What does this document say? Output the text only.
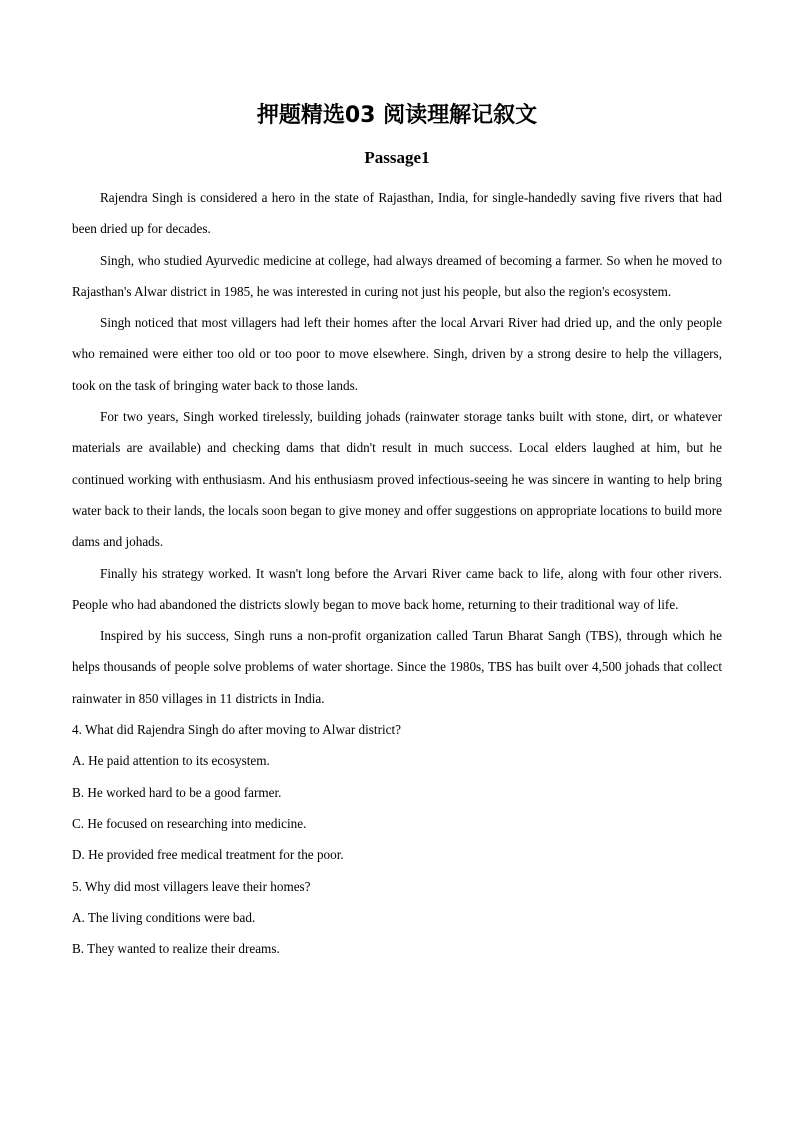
押题精选03 阅读理解记叙文
Passage1

Rajendra Singh is considered a hero in the state of Rajasthan, India, for single-handedly saving five rivers that had been dried up for decades.

Singh, who studied Ayurvedic medicine at college, had always dreamed of becoming a farmer. So when he moved to Rajasthan's Alwar district in 1985, he was interested in curing not just his people, but also the region's ecosystem.

Singh noticed that most villagers had left their homes after the local Arvari River had dried up, and the only people who remained were either too old or too poor to move elsewhere. Singh, driven by a strong desire to help the villagers, took on the task of bringing water back to those lands.

For two years, Singh worked tirelessly, building johads (rainwater storage tanks built with stone, dirt, or whatever materials are available) and checking dams that didn't result in much success. Local elders laughed at him, but he continued working with enthusiasm. And his enthusiasm proved infectious-seeing he was sincere in wanting to help bring water back to their lands, the locals soon began to give money and offer suggestions on appropriate locations to build more dams and johads.

Finally his strategy worked. It wasn't long before the Arvari River came back to life, along with four other rivers. People who had abandoned the districts slowly began to move back home, returning to their traditional way of life.

Inspired by his success, Singh runs a non-profit organization called Tarun Bharat Sangh (TBS), through which he helps thousands of people solve problems of water shortage. Since the 1980s, TBS has built over 4,500 johads that collect rainwater in 850 villages in 11 districts in India.

4. What did Rajendra Singh do after moving to Alwar district?

A. He paid attention to its ecosystem.

B. He worked hard to be a good farmer.

C. He focused on researching into medicine.

D. He provided free medical treatment for the poor.

5. Why did most villagers leave their homes?

A. The living conditions were bad.

B. They wanted to realize their dreams.
